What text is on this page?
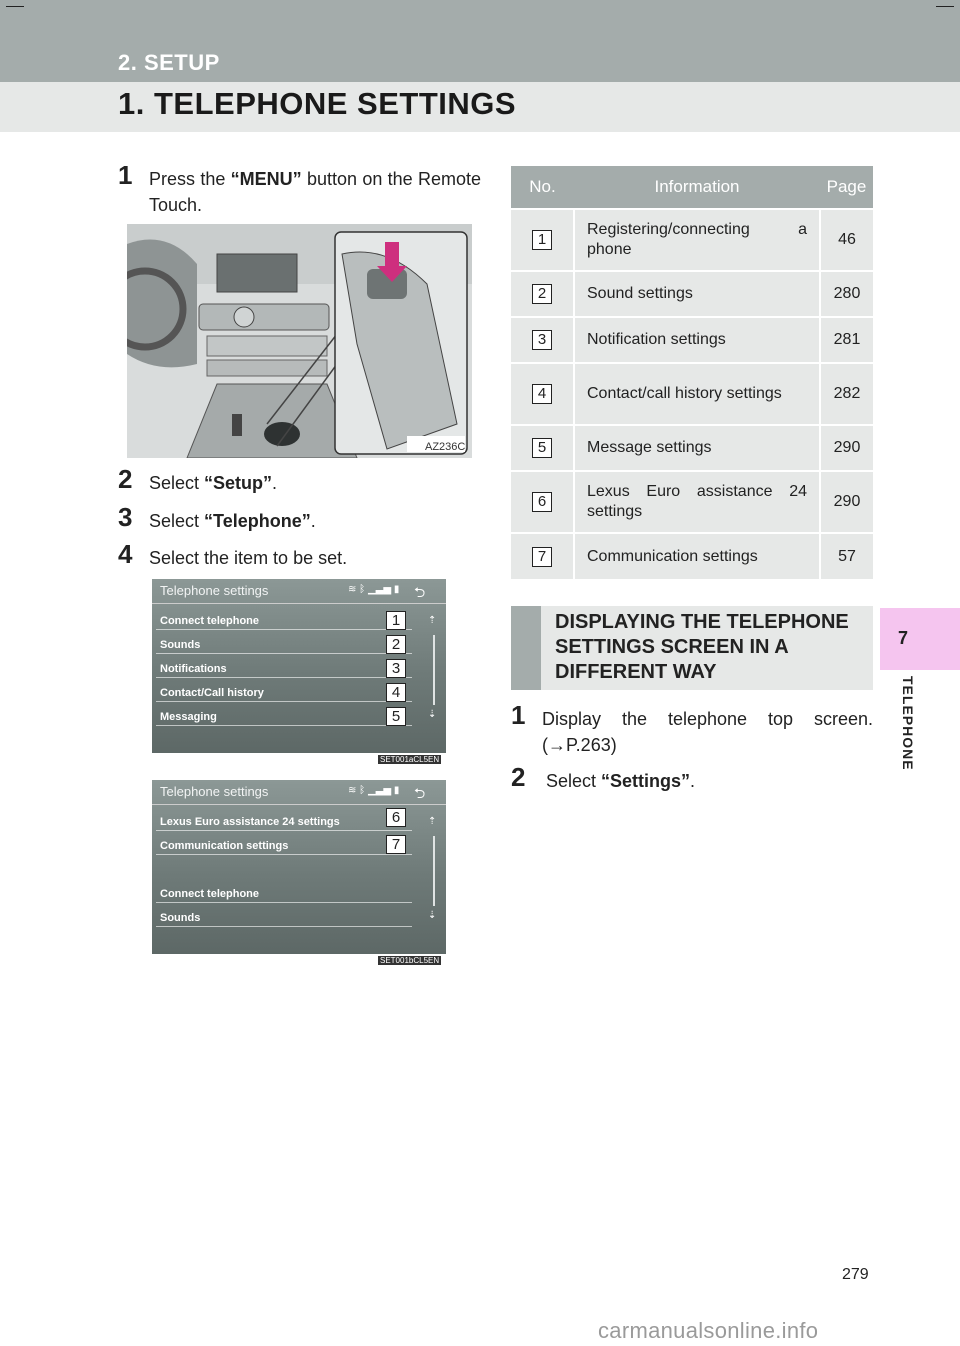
2. SETUP
1. TELEPHONE SETTINGS
7
TELEPHONE
1 Press the “MENU” button on the Remote Touch.
AZ236C
2 Select “Setup”.
3 Select “Telephone”.
4 Select the item to be set.
Telephone settings	≋ ᛒ ▁▃▅ ▮ ⮌
Connect telephone
Sounds
Notifications
Contact/Call history
Messaging
1
2
3
4
5
⇡
⇣
SET001aCL5EN
Telephone settings	≋ ᛒ ▁▃▅ ▮ ⮌
Lexus Euro assistance 24 settings
Communication settings
Connect telephone
Sounds
6
7
⇡
⇣
SET001bCL5EN
No.	Information	Page
1	Registering/connecting a phone	46
2	Sound settings	280
3	Notification settings	281
4	Contact/call history settings	282
5	Message settings	290
6	Lexus Euro assistance 24 settings	290
7	Communication settings	57
DISPLAYING THE TELEPHONE SETTINGS SCREEN IN A DIFFERENT WAY
1 Display the telephone top screen. (→P.263)
2 Select “Settings”.
279
carmanualsonline.info
